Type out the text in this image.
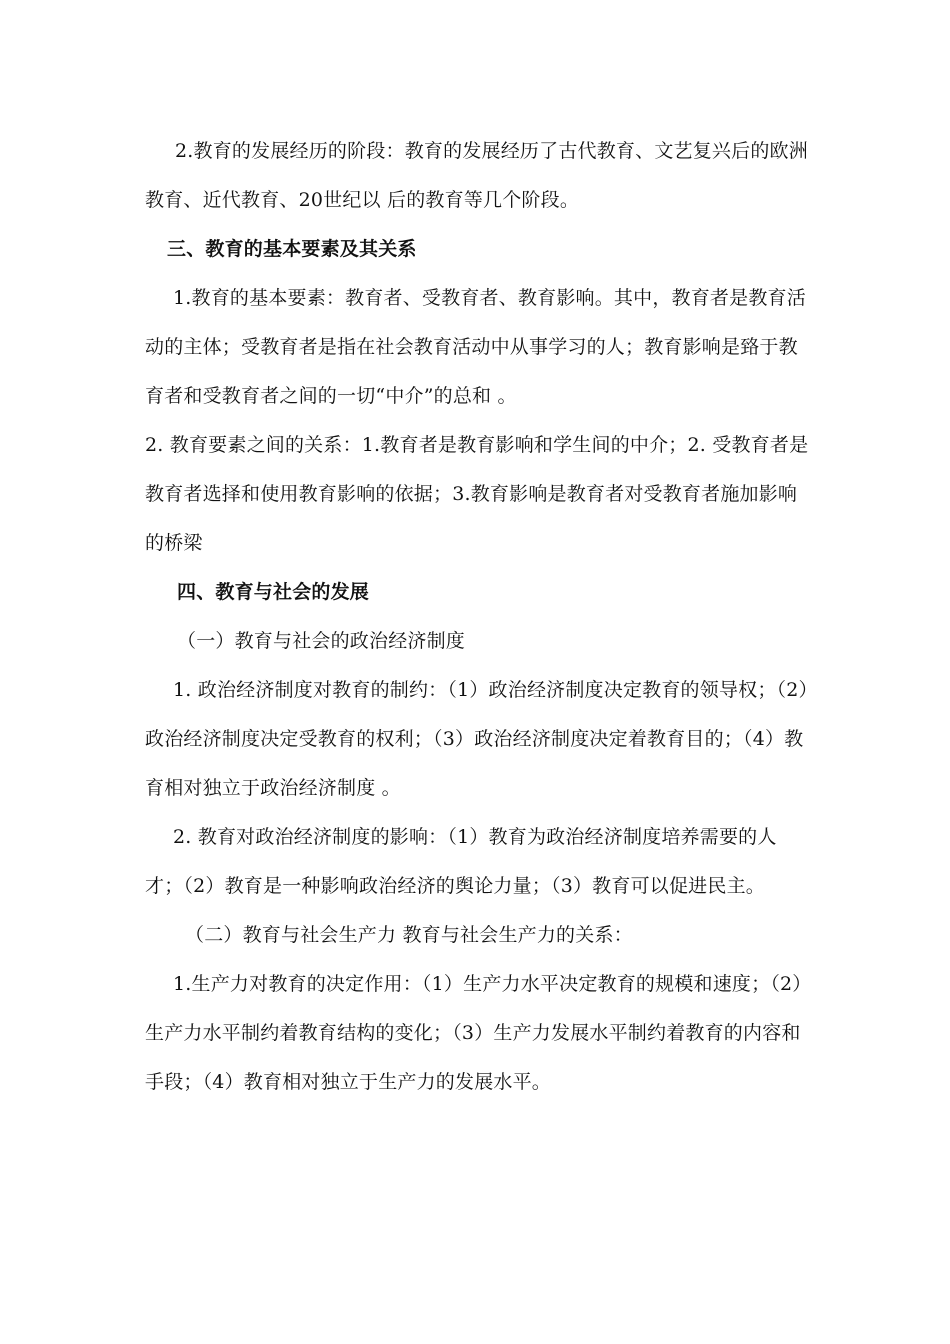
2.教育的发展经历的阶段：教育的发展经历了古代教育、文艺复兴后的欧洲教育、近代教育、20世纪以 后的教育等几个阶段。

三、教育的基本要素及其关系

1.教育的基本要素：教育者、受教育者、教育影响。其中，教育者是教育活动的主体；受教育者是指在社会教育活动中从事学习的人；教育影响是臵于教育者和受教育者之间的一切“中介”的总和 。

2. 教育要素之间的关系：1.教育者是教育影响和学生间的中介；2. 受教育者是教育者选择和使用教育影响的依据；3.教育影响是教育者对受教育者施加影响的桥梁

四、教育与社会的发展

（一）教育与社会的政治经济制度

1. 政治经济制度对教育的制约：（1）政治经济制度决定教育的领导权；（2）政治经济制度决定受教育的权利；（3）政治经济制度决定着教育目的；（4）教育相对独立于政治经济制度 。

2. 教育对政治经济制度的影响：（1）教育为政治经济制度培养需要的人才；（2）教育是一种影响政治经济的舆论力量；（3）教育可以促进民主。

（二）教育与社会生产力 教育与社会生产力的关系：

1.生产力对教育的决定作用：（1）生产力水平决定教育的规模和速度；（2）生产力水平制约着教育结构的变化；（3）生产力发展水平制约着教育的内容和手段；（4）教育相对独立于生产力的发展水平。
